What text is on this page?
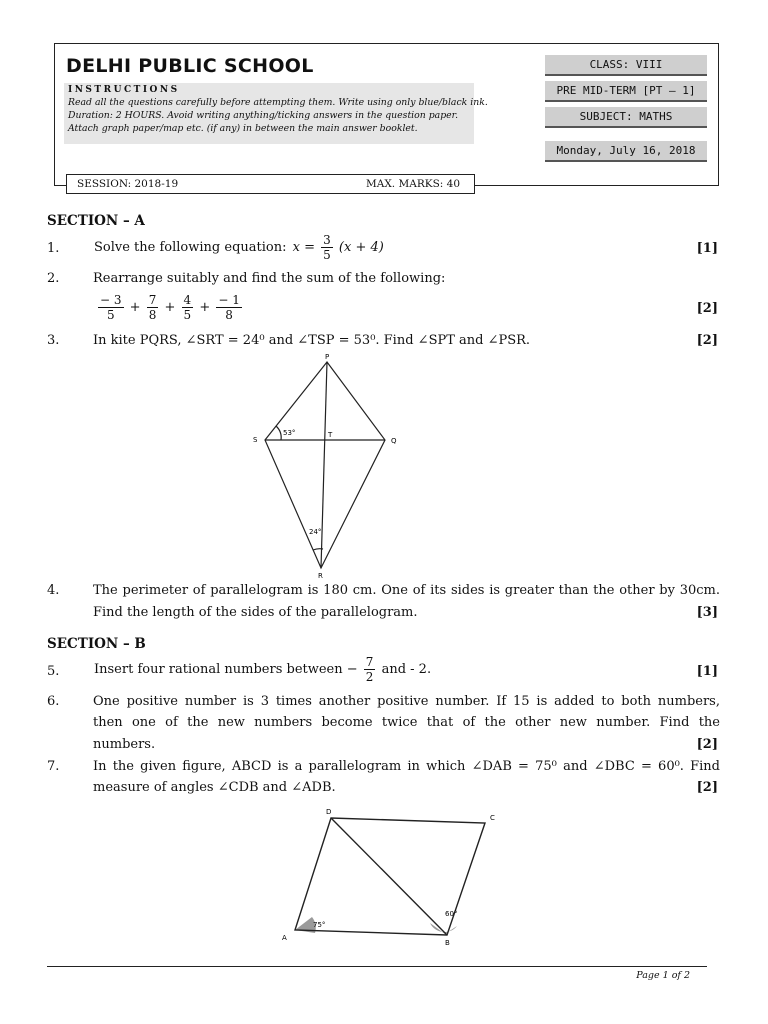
DELHI PUBLIC SCHOOL
INSTRUCTIONS
Read all the questions carefully before attempting them. Write using only blue/black ink.
Duration: 2 HOURS. Avoid writing anything/ticking answers in the question paper.
Attach graph paper/map etc. (if any) in between the main answer booklet.
CLASS: VIII
PRE MID-TERM [PT – 1]
SUBJECT: MATHS
Monday, July 16, 2018
SESSION: 2018-19	MAX. MARKS: 40
SECTION – A
1.	Solve the following equation: $x = \frac{3}{5} (x + 4)$	[1]
2.	Rearrange suitably and find the sum of the following:
$\frac{- 3}{5} + \frac{7}{8} + \frac{4}{5} + \frac{- 1}{8}$	[2]
3.	In kite PQRS, ∠SRT = 24⁰ and ∠TSP = 53⁰. Find ∠SPT and ∠PSR.	[2]
P
S	Q
R
T
53°
24°
4.	The perimeter of parallelogram is 180 cm. One of its sides is greater than the other by 30cm.
Find the length of the sides of the parallelogram.	[3]
SECTION – B
5.	Insert four rational numbers between − $\frac{7}{2}$ and - 2.	[1]
6.	One positive number is 3 times another positive number. If 15 is added to both numbers,
then one of the new numbers become twice that of the other new number. Find the
numbers.	[2]
7.	In the given figure, ABCD is a parallelogram in which ∠DAB = 75⁰ and ∠DBC = 60⁰. Find
measure of angles ∠CDB and ∠ADB.	[2]
D
C
A
B
75°
60°
Page 1 of 2
